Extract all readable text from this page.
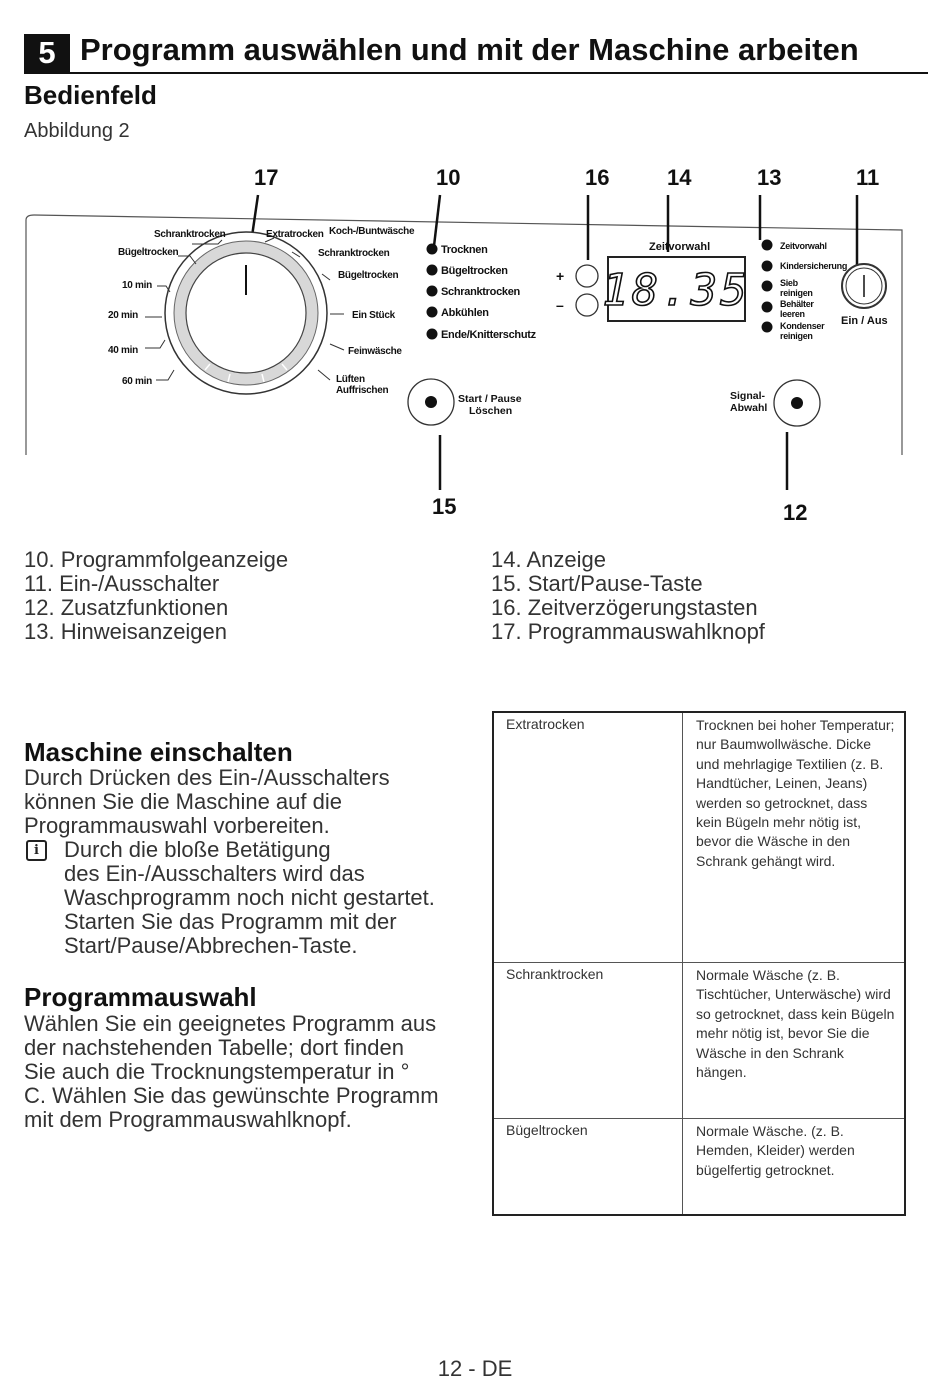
5 Programm auswählen und mit der Maschine arbeiten
Bedienfeld
Abbildung 2
17	10	16	14	13	11
15	12
Schranktrocken
Bügeltrocken
10 min
20 min
40 min
60 min
Extratrocken Koch-/Buntwäsche
Schranktrocken
Bügeltrocken
Ein Stück
Feinwäsche
Lüften
Auffrischen
Trocknen
Bügeltrocken
Schranktrocken
Abkühlen
Ende/Knitterschutz
+
–
Zeitvorwahl
18.35
Zeitvorwahl
Kindersicherung
Sieb
reinigen
Behälter
leeren
Kondenser
reinigen
Ein / Aus
Start / Pause
Löschen
Signal-
Abwahl
10. Programmfolgeanzeige
11. Ein-/Ausschalter
12. Zusatzfunktionen
13. Hinweisanzeigen
14. Anzeige
15. Start/Pause-Taste
16. Zeitverzögerungstasten
17. Programmauswahlknopf
Maschine einschalten
Durch Drücken des Ein-/Ausschalters
können Sie die Maschine auf die
Programmauswahl vorbereiten.
i	Durch die bloße Betätigung
des Ein-/Ausschalters wird das
Waschprogramm noch nicht gestartet.
Starten Sie das Programm mit der
Start/Pause/Abbrechen-Taste.
Programmauswahl
Wählen Sie ein geeignetes Programm aus
der nachstehenden Tabelle; dort finden
Sie auch die Trocknungstemperatur in °
C. Wählen Sie das gewünschte Programm
mit dem Programmauswahlknopf.
Extratrocken	Trocknen bei hoher Temperatur; nur Baumwollwäsche. Dicke und mehrlagige Textilien (z. B. Handtücher, Leinen, Jeans) werden so getrocknet, dass kein Bügeln mehr nötig ist, bevor die Wäsche in den Schrank gehängt wird.
Schranktrocken	Normale Wäsche (z. B. Tischtücher, Unterwäsche) wird so getrocknet, dass kein Bügeln mehr nötig ist, bevor Sie die Wäsche in den Schrank hängen.
Bügeltrocken	Normale Wäsche. (z. B. Hemden, Kleider) werden bügelfertig getrocknet.
12 - DE
